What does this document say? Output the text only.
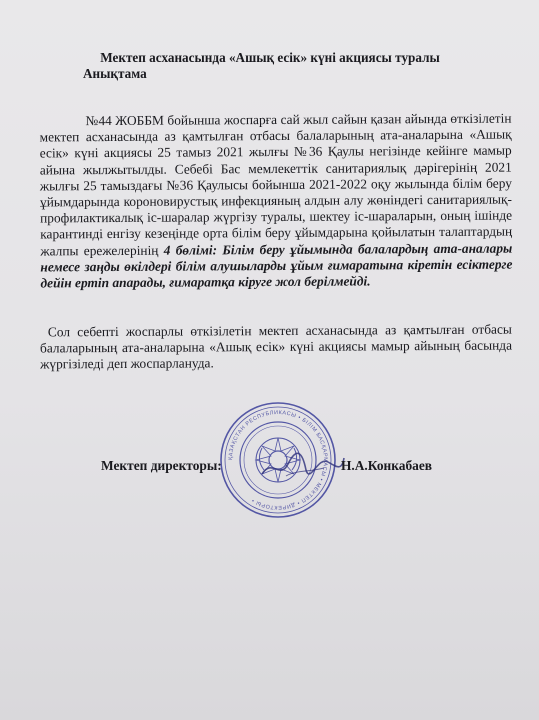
Мектеп асханасында «Ашық есік» күні акциясы туралы
Анықтама
№44 ЖОББМ бойынша жоспарға сай жыл сайын қазан айында өткізілетін мектеп асханасында аз қамтылған отбасы балаларының ата-аналарына «Ашық есік» күні акциясы 25 тамыз 2021 жылғы №36 Қаулы негізінде кейінге мамыр айына жылжытылды. Себебі Бас мемлекеттік санитариялық дәрігерінің 2021 жылғы 25 тамыздағы №36 Қаулысы бойынша 2021-2022 оқу жылында білім беру ұйымдарында короновирустық инфекцияның алдын алу жөніндегі санитариялық-профилактикалық іс-шаралар жүргізу туралы, шектеу іс-шараларын, оның ішінде карантинді енгізу кезеңінде орта білім беру ұйымдарына қойылатын талаптардың жалпы ережелерінің 4 бөлімі: Білім беру ұйымында балалардың ата-аналары немесе заңды өкілдері білім алушыларды ұйым ғимаратына кіретін есіктерге дейін ертіп апарады, ғимаратқа кіруге жол берілмейді.
Сол себепті жоспарлы өткізілетін мектеп асханасында аз қамтылған отбасы балаларының ата-аналарына «Ашық есік» күні акциясы мамыр айының басында жүргізіледі деп жоспарлануда.
ҚАЗАҚСТАН РЕСПУБЛИКАСЫ • БІЛІМ БАСҚАРМАСЫ • МЕКТЕП • ДИРЕКТОРЫ •
Мектеп директоры:	Н.А.Конкабаев
